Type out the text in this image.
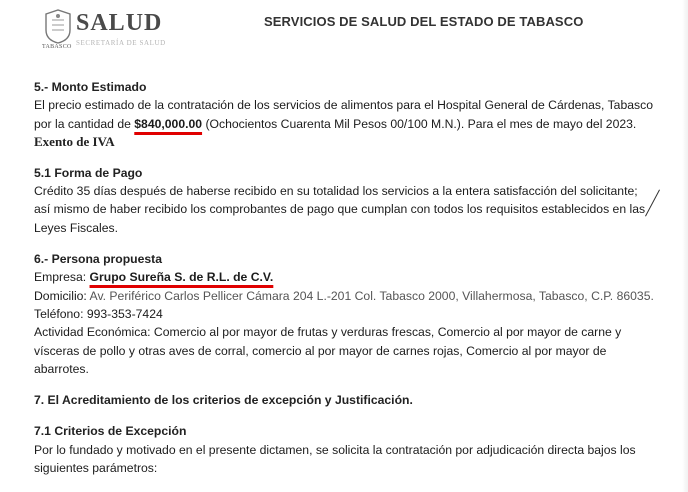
SALUD
SECRETARÍA DE SALUD
TABASCO
SERVICIOS DE SALUD DEL ESTADO DE TABASCO

5.- Monto Estimado

El precio estimado de la contratación de los servicios de alimentos para el Hospital General de Cárdenas, Tabasco

por la cantidad de $840,000.00 (Ochocientos Cuarenta Mil Pesos 00/100 M.N.). Para el mes de mayo del 2023.

Exento de IVA

5.1 Forma de Pago

Crédito 35 días después de haberse recibido en su totalidad los servicios a la entera satisfacción del solicitante;

así mismo de haber recibido los comprobantes de pago que cumplan con todos los requisitos establecidos en las

Leyes Fiscales.

6.- Persona propuesta

Empresa: Grupo Sureña S. de R.L. de C.V.

Domicilio: Av. Periférico Carlos Pellicer Cámara 204 L.-201 Col. Tabasco 2000, Villahermosa, Tabasco, C.P. 86035.

Teléfono: 993-353-7424

Actividad Económica: Comercio al por mayor de frutas y verduras frescas, Comercio al por mayor de carne y

vísceras de pollo y otras aves de corral, comercio al por mayor de carnes rojas, Comercio al por mayor de

abarrotes.

7. El Acreditamiento de los criterios de excepción y Justificación.

7.1 Criterios de Excepción

Por lo fundado y motivado en el presente dictamen, se solicita la contratación por adjudicación directa bajos los

siguientes parámetros:
